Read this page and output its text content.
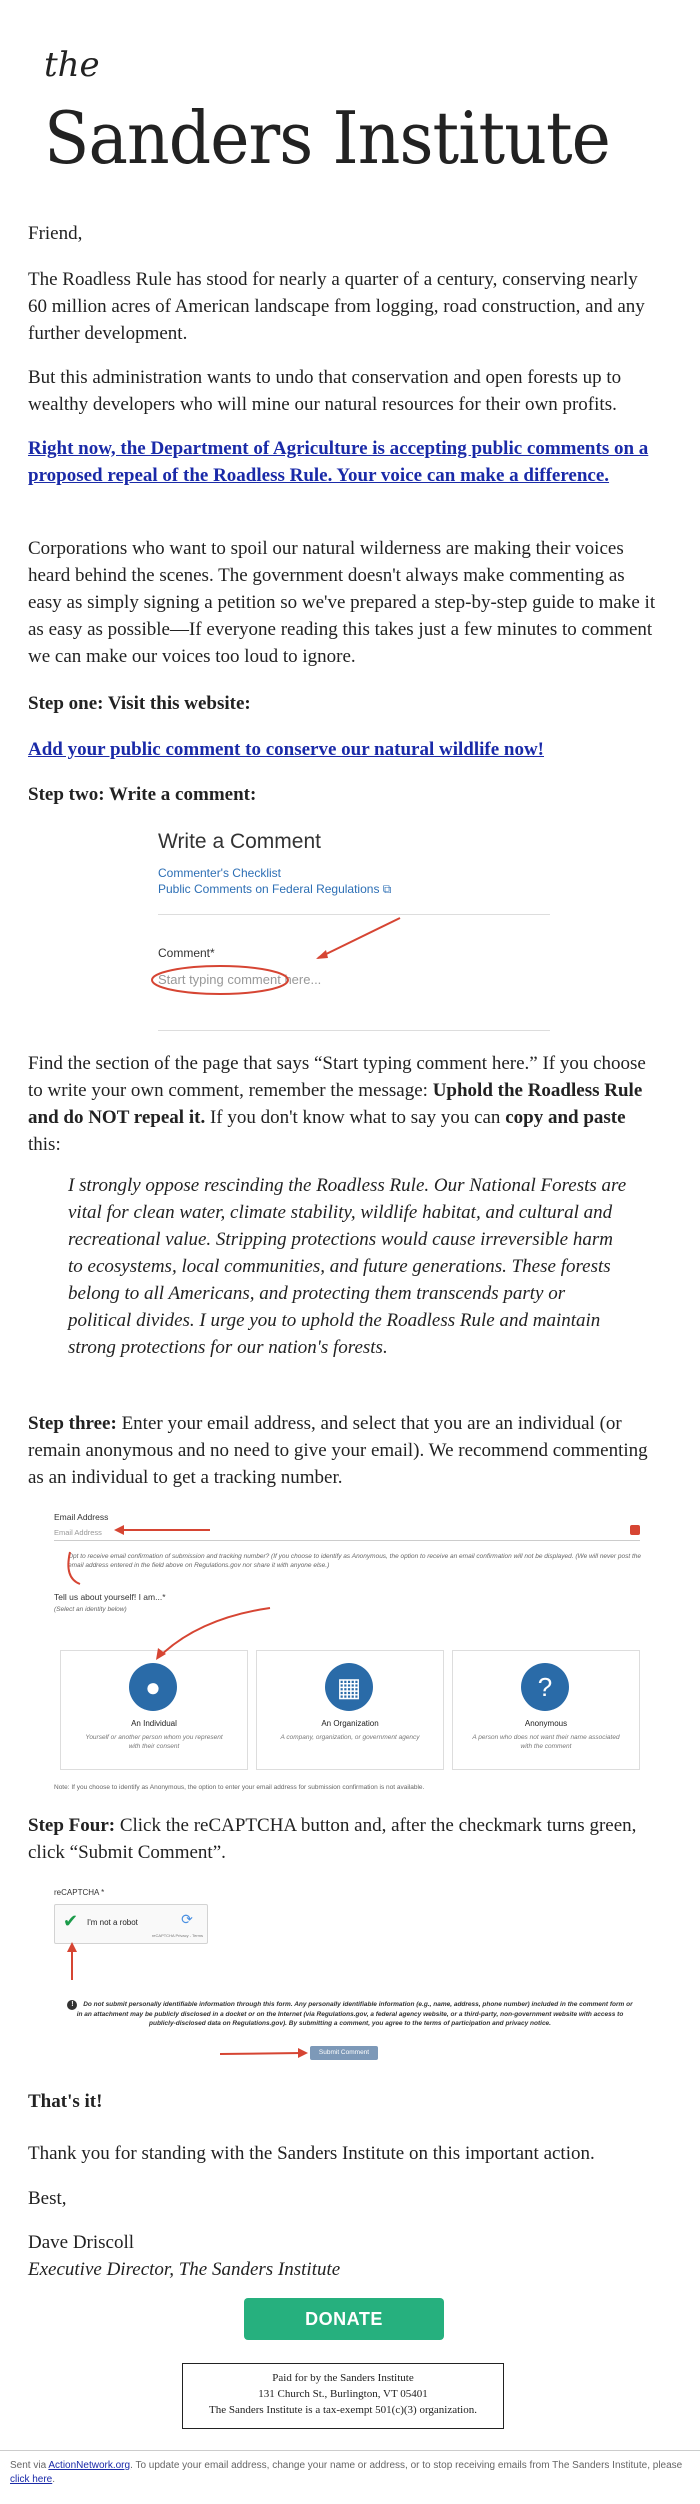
the
Sanders Institute

Friend,

The Roadless Rule has stood for nearly a quarter of a century, conserving nearly 60 million acres of American landscape from logging, road construction, and any further development.

But this administration wants to undo that conservation and open forests up to wealthy developers who will mine our natural resources for their own profits.

Right now, the Department of Agriculture is accepting public comments on a proposed repeal of the Roadless Rule. Your voice can make a difference.

Corporations who want to spoil our natural wilderness are making their voices heard behind the scenes. The government doesn't always make commenting as easy as simply signing a petition so we've prepared a step-by-step guide to make it as easy as possible—If everyone reading this takes just a few minutes to comment we can make our voices too loud to ignore.

Step one: Visit this website:

Add your public comment to conserve our natural wildlife now!

Step two: Write a comment:

Write a Comment
Commenter's Checklist
Public Comments on Federal Regulations ⧉
Comment*
Start typing comment here...

Find the section of the page that says “Start typing comment here.” If you choose to write your own comment, remember the message: Uphold the Roadless Rule and do NOT repeal it. If you don't know what to say you can copy and paste this:

I strongly oppose rescinding the Roadless Rule. Our National Forests are vital for clean water, climate stability, wildlife habitat, and cultural and recreational value. Stripping protections would cause irreversible harm to ecosystems, local communities, and future generations. These forests belong to all Americans, and protecting them transcends party or political divides. I urge you to uphold the Roadless Rule and maintain strong protections for our nation's forests.

Step three: Enter your email address, and select that you are an individual (or remain anonymous and no need to give your email). We recommend commenting as an individual to get a tracking number.

Email Address
Email Address
Opt to receive email confirmation of submission and tracking number? (If you choose to identify as Anonymous, the option to receive an email confirmation will not be displayed. (We will never post the email address entered in the field above on Regulations.gov nor share it with anyone else.)
Tell us about yourself! I am...*
(Select an identity below)
●
An Individual
Yourself or another person whom you represent with their consent
▦
An Organization
A company, organization, or government agency
?
Anonymous
A person who does not want their name associated with the comment
Note: If you choose to identify as Anonymous, the option to enter your email address for submission confirmation is not available.

Step Four: Click the reCAPTCHA button and, after the checkmark turns green, click “Submit Comment”.

reCAPTCHA *
✔ I'm not a robot	⟳
reCAPTCHA Privacy - Terms
! Do not submit personally identifiable information through this form. Any personally identifiable information (e.g., name, address, phone number) included in the comment form or in an attachment may be publicly disclosed in a docket or on the Internet (via Regulations.gov, a federal agency website, or a third-party, non-government website with access to publicly-disclosed data on Regulations.gov). By submitting a comment, you agree to the terms of participation and privacy notice.
Submit Comment

That's it!

Thank you for standing with the Sanders Institute on this important action.

Best,

Dave Driscoll

Executive Director, The Sanders Institute

DONATE
Paid for by the Sanders Institute
131 Church St., Burlington, VT 05401
The Sanders Institute is a tax-exempt 501(c)(3) organization.
Sent via ActionNetwork.org. To update your email address, change your name or address, or to stop receiving emails from The Sanders Institute, please click here.
